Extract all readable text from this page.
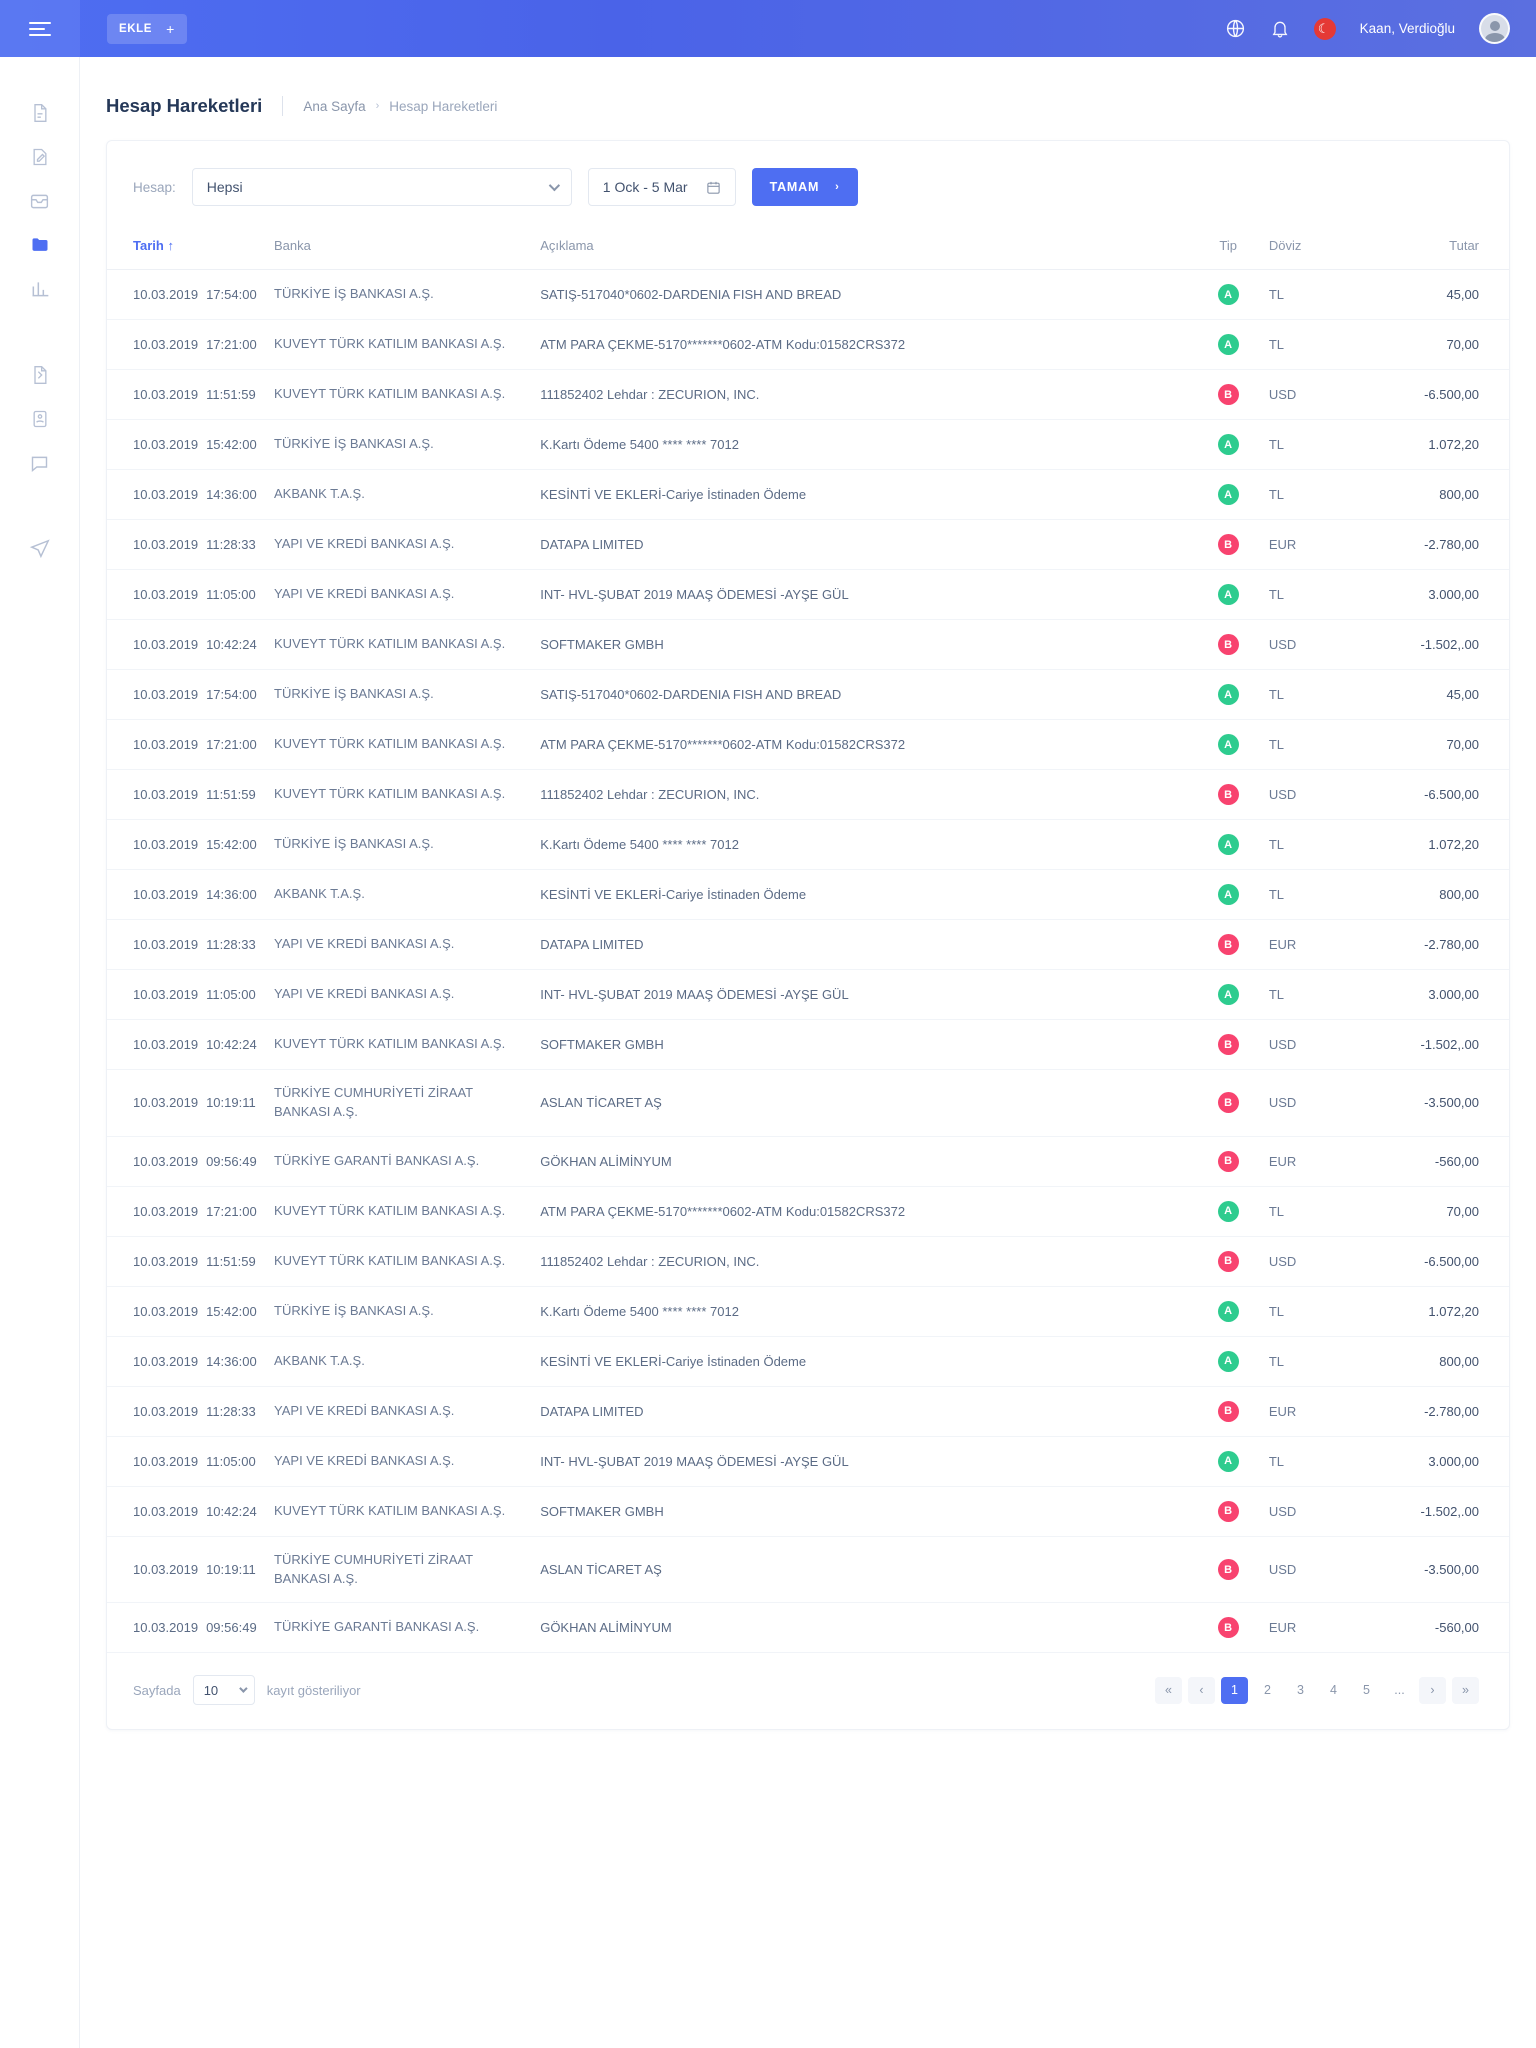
EKLE +	☾ Kaan, Verdioğlu
Hesap Hareketleri	Ana Sayfa › Hesap Hareketleri
Hesap: Hepsi	1 Ock - 5 Mar	TAMAM ›
Tarih ↑	Banka	Açıklama	Tip	Döviz	Tutar
10.03.2019 17:54:00	TÜRKİYE İŞ BANKASI A.Ş.	SATIŞ-517040*0602-DARDENIA FISH AND BREAD	A	TL	45,00
10.03.2019 17:21:00	KUVEYT TÜRK KATILIM BANKASI A.Ş.	ATM PARA ÇEKME-5170*******0602-ATM Kodu:01582CRS372	A	TL	70,00
10.03.2019 11:51:59	KUVEYT TÜRK KATILIM BANKASI A.Ş.	111852402 Lehdar : ZECURION, INC.	B	USD	-6.500,00
10.03.2019 15:42:00	TÜRKİYE İŞ BANKASI A.Ş.	K.Kartı Ödeme 5400 **** **** 7012	A	TL	1.072,20
10.03.2019 14:36:00	AKBANK T.A.Ş.	KESİNTİ VE EKLERİ-Cariye İstinaden Ödeme	A	TL	800,00
10.03.2019 11:28:33	YAPI VE KREDİ BANKASI A.Ş.	DATAPA LIMITED	B	EUR	-2.780,00
10.03.2019 11:05:00	YAPI VE KREDİ BANKASI A.Ş.	INT- HVL-ŞUBAT 2019 MAAŞ ÖDEMESİ -AYŞE GÜL	A	TL	3.000,00
10.03.2019 10:42:24	KUVEYT TÜRK KATILIM BANKASI A.Ş.	SOFTMAKER GMBH	B	USD	-1.502,.00
10.03.2019 17:54:00	TÜRKİYE İŞ BANKASI A.Ş.	SATIŞ-517040*0602-DARDENIA FISH AND BREAD	A	TL	45,00
10.03.2019 17:21:00	KUVEYT TÜRK KATILIM BANKASI A.Ş.	ATM PARA ÇEKME-5170*******0602-ATM Kodu:01582CRS372	A	TL	70,00
10.03.2019 11:51:59	KUVEYT TÜRK KATILIM BANKASI A.Ş.	111852402 Lehdar : ZECURION, INC.	B	USD	-6.500,00
10.03.2019 15:42:00	TÜRKİYE İŞ BANKASI A.Ş.	K.Kartı Ödeme 5400 **** **** 7012	A	TL	1.072,20
10.03.2019 14:36:00	AKBANK T.A.Ş.	KESİNTİ VE EKLERİ-Cariye İstinaden Ödeme	A	TL	800,00
10.03.2019 11:28:33	YAPI VE KREDİ BANKASI A.Ş.	DATAPA LIMITED	B	EUR	-2.780,00
10.03.2019 11:05:00	YAPI VE KREDİ BANKASI A.Ş.	INT- HVL-ŞUBAT 2019 MAAŞ ÖDEMESİ -AYŞE GÜL	A	TL	3.000,00
10.03.2019 10:42:24	KUVEYT TÜRK KATILIM BANKASI A.Ş.	SOFTMAKER GMBH	B	USD	-1.502,.00
10.03.2019 10:19:11	TÜRKİYE CUMHURİYETİ ZİRAAT BANKASI A.Ş.	ASLAN TİCARET AŞ	B	USD	-3.500,00
10.03.2019 09:56:49	TÜRKİYE GARANTİ BANKASI A.Ş.	GÖKHAN ALİMİNYUM	B	EUR	-560,00
10.03.2019 17:21:00	KUVEYT TÜRK KATILIM BANKASI A.Ş.	ATM PARA ÇEKME-5170*******0602-ATM Kodu:01582CRS372	A	TL	70,00
10.03.2019 11:51:59	KUVEYT TÜRK KATILIM BANKASI A.Ş.	111852402 Lehdar : ZECURION, INC.	B	USD	-6.500,00
10.03.2019 15:42:00	TÜRKİYE İŞ BANKASI A.Ş.	K.Kartı Ödeme 5400 **** **** 7012	A	TL	1.072,20
10.03.2019 14:36:00	AKBANK T.A.Ş.	KESİNTİ VE EKLERİ-Cariye İstinaden Ödeme	A	TL	800,00
10.03.2019 11:28:33	YAPI VE KREDİ BANKASI A.Ş.	DATAPA LIMITED	B	EUR	-2.780,00
10.03.2019 11:05:00	YAPI VE KREDİ BANKASI A.Ş.	INT- HVL-ŞUBAT 2019 MAAŞ ÖDEMESİ -AYŞE GÜL	A	TL	3.000,00
10.03.2019 10:42:24	KUVEYT TÜRK KATILIM BANKASI A.Ş.	SOFTMAKER GMBH	B	USD	-1.502,.00
10.03.2019 10:19:11	TÜRKİYE CUMHURİYETİ ZİRAAT BANKASI A.Ş.	ASLAN TİCARET AŞ	B	USD	-3.500,00
10.03.2019 09:56:49	TÜRKİYE GARANTİ BANKASI A.Ş.	GÖKHAN ALİMİNYUM	B	EUR	-560,00
Sayfada 10	kayıt gösteriliyor	«	‹	1	2	3	4	5	...	›	»
